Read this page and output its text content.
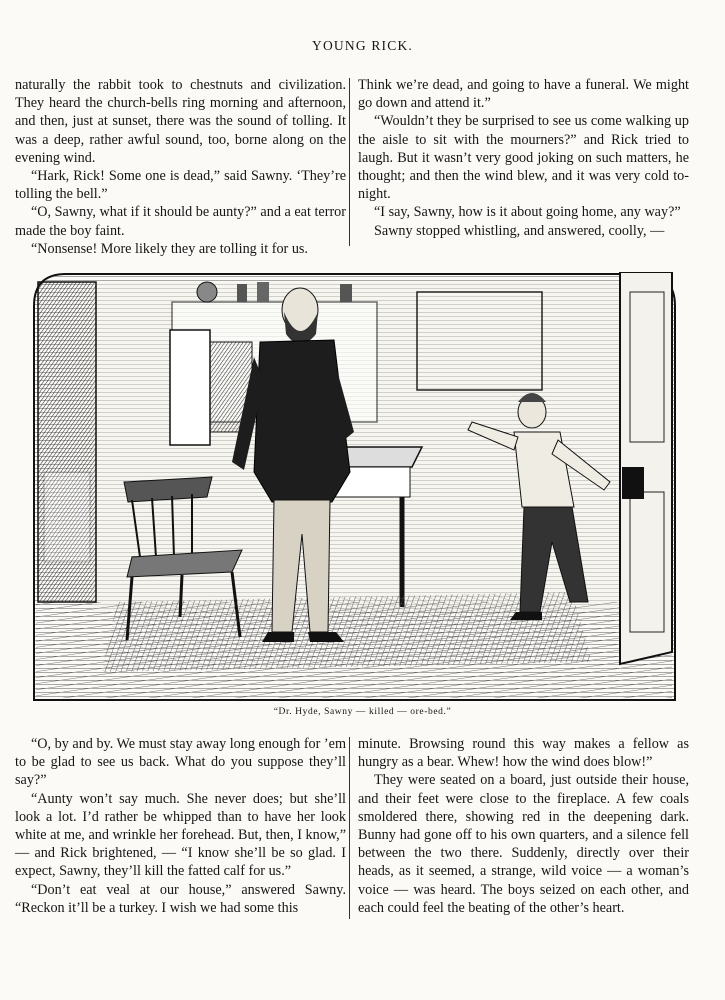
YOUNG RICK.

naturally the rabbit took to chestnuts and civilization. They heard the church-bells ring morning and afternoon, and then, just at sunset, there was the sound of tolling. It was a deep, rather awful sound, too, borne along on the evening wind.

“Hark, Rick! Some one is dead,” said Sawny. ‘They’re tolling the bell.”

“O, Sawny, what if it should be aunty?” and a eat terror made the boy faint.

“Nonsense! More likely they are tolling it for us.

Think we’re dead, and going to have a funeral. We might go down and attend it.”

“Wouldn’t they be surprised to see us come walking up the aisle to sit with the mourners?” and Rick tried to laugh. But it wasn’t very good joking on such matters, he thought; and then the wind blew, and it was very cold to-night.

“I say, Sawny, how is it about going home, any way?”

Sawny stopped whistling, and answered, coolly, —

“Dr. Hyde, Sawny — killed — ore-bed.”

“O, by and by. We must stay away long enough for ’em to be glad to see us back. What do you suppose they’ll say?”

“Aunty won’t say much. She never does; but she’ll look a lot. I’d rather be whipped than to have her look white at me, and wrinkle her forehead. But, then, I know,” — and Rick brightened, — “I know she’ll be so glad. I expect, Sawny, they’ll kill the fatted calf for us.”

“Don’t eat veal at our house,” answered Sawny. “Reckon it’ll be a turkey. I wish we had some this

minute. Browsing round this way makes a fellow as hungry as a bear. Whew! how the wind does blow!”

They were seated on a board, just outside their house, and their feet were close to the fireplace. A few coals smoldered there, showing red in the deepening dark. Bunny had gone off to his own quarters, and a silence fell between the two there. Suddenly, directly over their heads, as it seemed, a strange, wild voice — a woman’s voice — was heard. The boys seized on each other, and each could feel the beating of the other’s heart.
